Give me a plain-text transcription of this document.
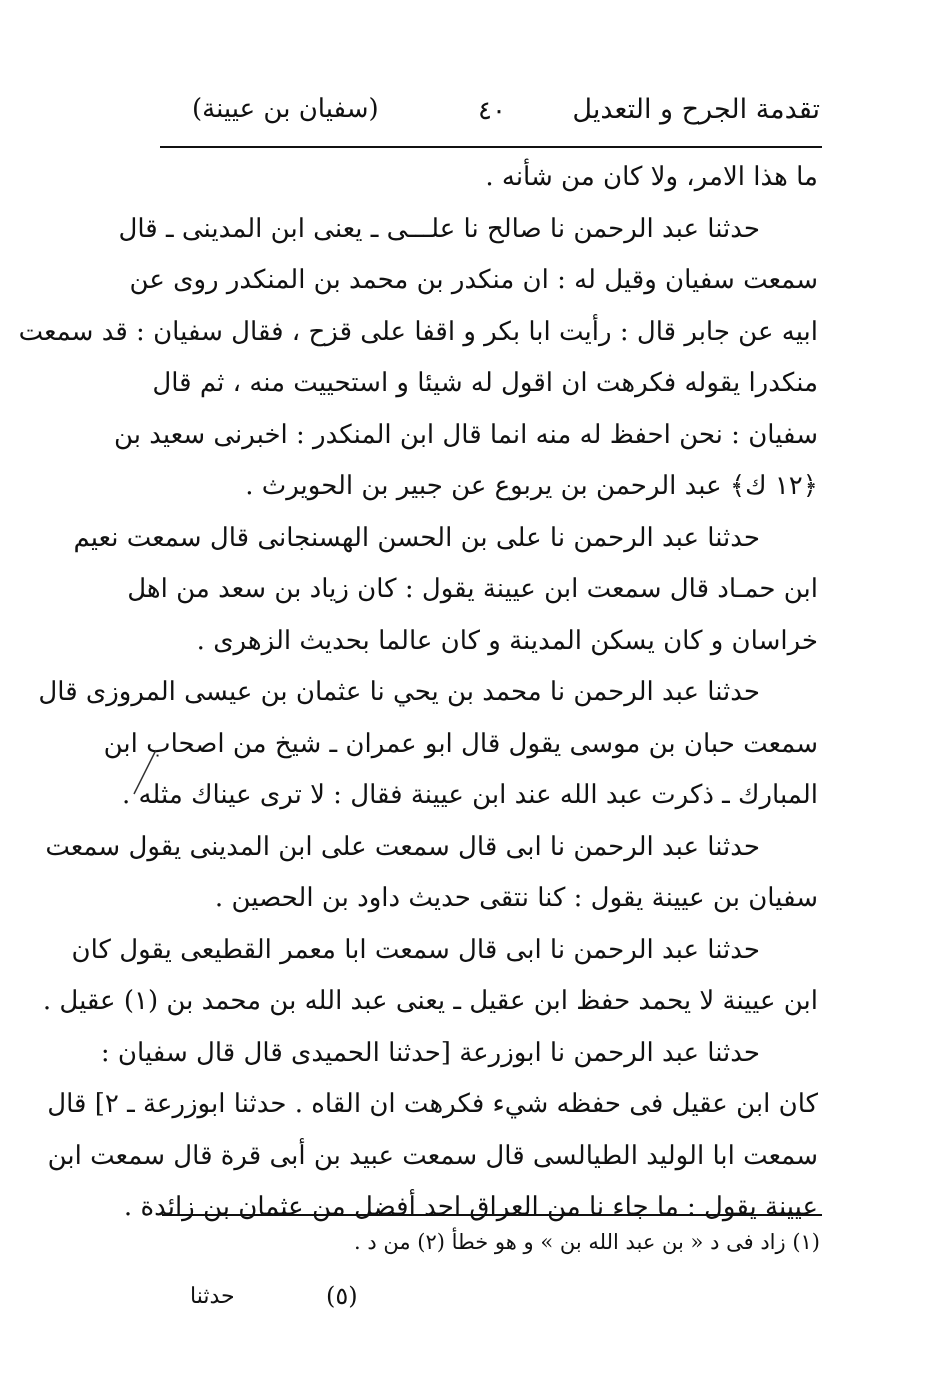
تقدمة الجرح و التعديل
٤٠
(سفيان بن عيينة)
ما هذا الامر، ولا كان من شأنه .
حدثنا عبد الرحمن نا صالح نا علـــى ـ يعنى ابن المدينى ـ قال
سمعت سفيان وقيل له : ان منكدر بن محمد بن المنكدر روى عن
ابيه عن جابر قال : رأيت ابا بكر و اقفا على قزح ، فقال سفيان : قد سمعت
منكدرا يقوله فكرهت ان اقول له شيئا و استحييت منه ، ثم قال
سفيان : نحن احفظ له منه انما قال ابن المنكدر : اخبرنى سعيد بن
﴿١٢ ك﴾ عبد الرحمن بن يربوع عن جبير بن الحويرث .
حدثنا عبد الرحمن نا على بن الحسن الهسنجانى قال سمعت نعيم
ابن حمـاد قال سمعت ابن عيينة يقول : كان زياد بن سعد من اهل
خراسان و كان يسكن المدينة و كان عالما بحديث الزهرى .
حدثنا عبد الرحمن نا محمد بن يحي نا عثمان بن عيسى المروزى قال
سمعت حبان بن موسى يقول قال ابو عمران ـ شيخ من اصحاب ابن
المبارك ـ ذكرت عبد الله عند ابن عيينة فقال : لا ترى عيناك مثله .
حدثنا عبد الرحمن نا ابى قال سمعت على ابن المدينى يقول سمعت
سفيان بن عيينة يقول : كنا نتقى حديث داود بن الحصين .
حدثنا عبد الرحمن نا ابى قال سمعت ابا معمر القطيعى يقول كان
ابن عيينة لا يحمد حفظ ابن عقيل ـ يعنى عبد الله بن محمد بن (١) عقيل .
حدثنا عبد الرحمن نا ابوزرعة [حدثنا الحميدى قال قال سفيان :
كان ابن عقيل فى حفظه شيء فكرهت ان القاه . حدثنا ابوزرعة ـ ٢] قال
سمعت ابا الوليد الطيالسى قال سمعت عبيد بن أبى قرة قال سمعت ابن
عيينة يقول : ما جاء نا من العراق احد أفضل من عثمان بن زائدة .
(١) زاد فى د « بن عبد الله بن » و هو خطأ (٢) من د .
(٥)
حدثنا
